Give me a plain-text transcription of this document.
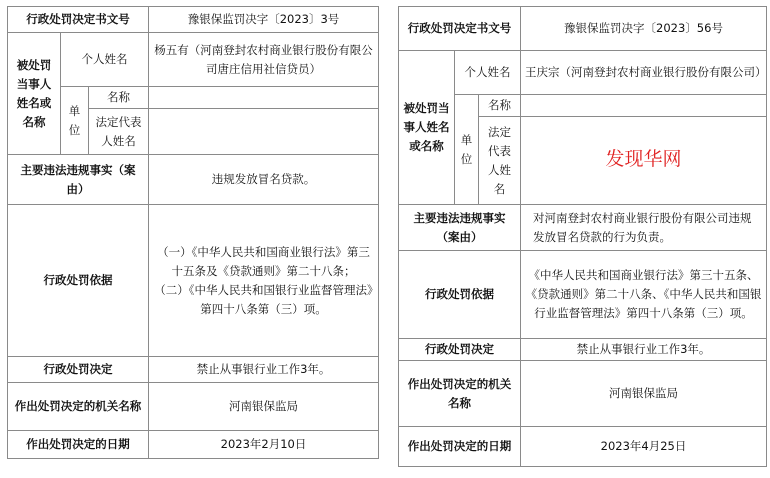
行政处罚决定书文号			豫银保监罚决字〔2023〕3号
被处罚当事人姓名或名称	个人姓名		杨五有（河南登封农村商业银行股份有限公司唐庄信用社信贷员）
	单位	名称	
		法定代表人姓名	
主要违法违规事实（案由）			违规发放冒名贷款。
行政处罚依据			（一）《中华人民共和国商业银行法》第三十五条及《贷款通则》第二十八条；
（二）《中华人民共和国银行业监督管理法》第四十八条第（三）项。

行政处罚决定			禁止从事银行业工作3年。
作出处罚决定的机关名称			河南银保监局
作出处罚决定的日期			2023年2月10日
行政处罚决定书文号			豫银保监罚决字〔2023〕56号
被处罚当事人姓名或名称	个人姓名		王庆宗（河南登封农村商业银行股份有限公司）
	单位	名称	
		法定代表人姓名	发现华网
主要违法违规事实（案由）			对河南登封农村商业银行股份有限公司违规发放冒名贷款的行为负责。
行政处罚依据			《中华人民共和国商业银行法》第三十五条、《贷款通则》第二十八条、《中华人民共和国银行业监督管理法》第四十八条第（三）项。
行政处罚决定			禁止从事银行业工作3年。
作出处罚决定的机关名称			河南银保监局
作出处罚决定的日期			2023年4月25日
